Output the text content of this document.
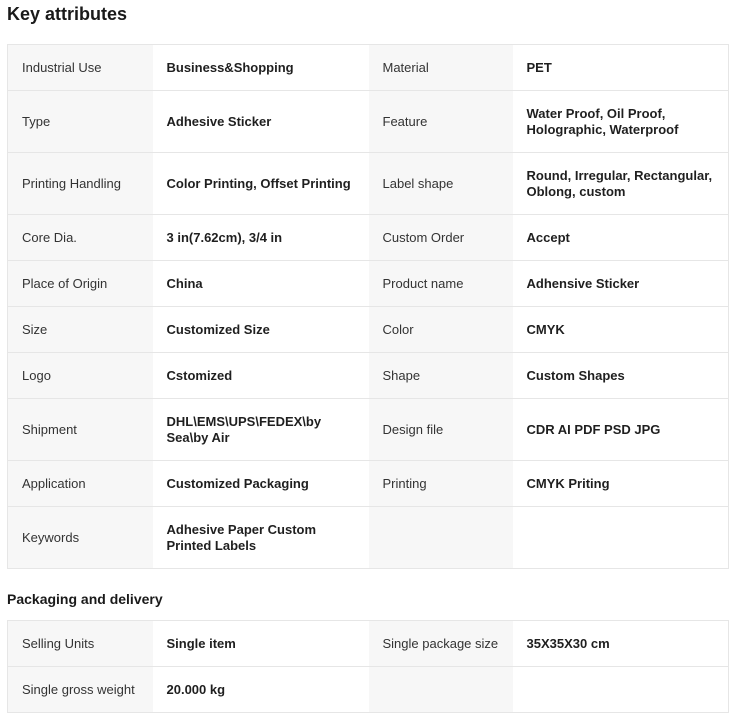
Key attributes
Industrial Use	Business&Shopping	Material	PET
Type	Adhesive Sticker	Feature	Water Proof, Oil Proof, Holographic, Waterproof
Printing Handling	Color Printing, Offset Printing	Label shape	Round, Irregular, Rectangular, Oblong, custom
Core Dia.	3 in(7.62cm), 3/4 in	Custom Order	Accept
Place of Origin	China	Product name	Adhensive Sticker
Size	Customized Size	Color	CMYK
Logo	Cstomized	Shape	Custom Shapes
Shipment	DHL\EMS\UPS\FEDEX\by Sea\by Air	Design file	CDR AI PDF PSD JPG
Application	Customized Packaging	Printing	CMYK Priting
Keywords	Adhesive Paper Custom Printed Labels		
Packaging and delivery
Selling Units	Single item	Single package size	35X35X30 cm
Single gross weight	20.000 kg		
